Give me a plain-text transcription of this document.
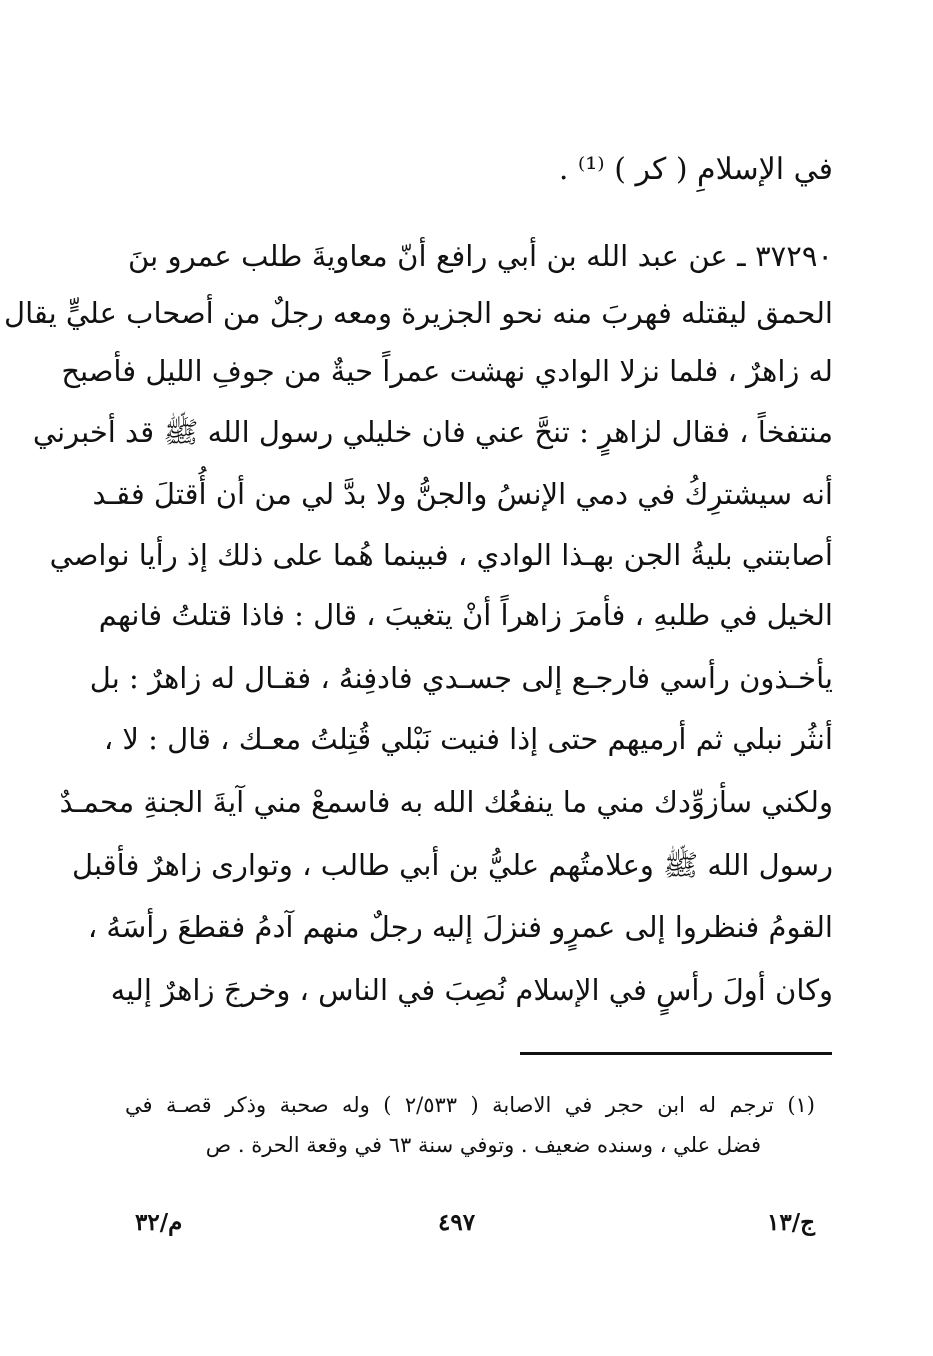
في الإسلامِ ( كر ) ⁽¹⁾ .
٣٧٢٩٠ ـ عن عبد الله بن أبي رافع أنّ معاويةَ طلب عمرو بنَ
الحمق ليقتله فهربَ منه نحو الجزيرة ومعه رجلٌ من أصحاب عليٍّ يقال
له زاهرٌ ، فلما نزلا الوادي نهشت عمراً حيةٌ من جوفِ الليل فأصبح
منتفخاً ، فقال لزاهرٍ : تنحَّ عني فان خليلي رسول الله ﷺ قد أخبرني
أنه سيشترِكُ في دمي الإنسُ والجنُّ ولا بدَّ لي من أن أُقتلَ فقـد
أصابتني بليةُ الجن بهـذا الوادي ، فبينما هُما على ذلك إذ رأيا نواصي
الخيل في طلبهِ ، فأمرَ زاهراً أنْ يتغيبَ ، قال : فاذا قتلتُ فانهم
يأخـذون رأسي فارجـع إلى جسـدي فادفِنهُ ، فقـال له زاهرٌ : بل
أنثُر نبلي ثم أرميهم حتى إذا فنيت نَبْلي قُتِلتُ معـك ، قال : لا ،
ولكني سأزوِّدك مني ما ينفعُك الله به فاسمعْ مني آيةَ الجنةِ محمـدٌ
رسول الله ﷺ وعلامتُهم عليُّ بن أبي طالب ، وتوارى زاهرٌ فأقبل
القومُ فنظروا إلى عمرٍو فنزلَ إليه رجلٌ منهم آدمُ فقطعَ رأسَهُ ،
وكان أولَ رأسٍ في الإسلام نُصِبَ في الناس ، وخرجَ زاهرٌ إليه
(١) ترجم له ابن حجر في الاصابة ( ٢/٥٣٣ ) وله صحبة وذكر قصـة في
فضل علي ، وسنده ضعيف . وتوفي سنة ٦٣ في وقعة الحرة . ص
ج/١٣
٤٩٧
م/٣٢
